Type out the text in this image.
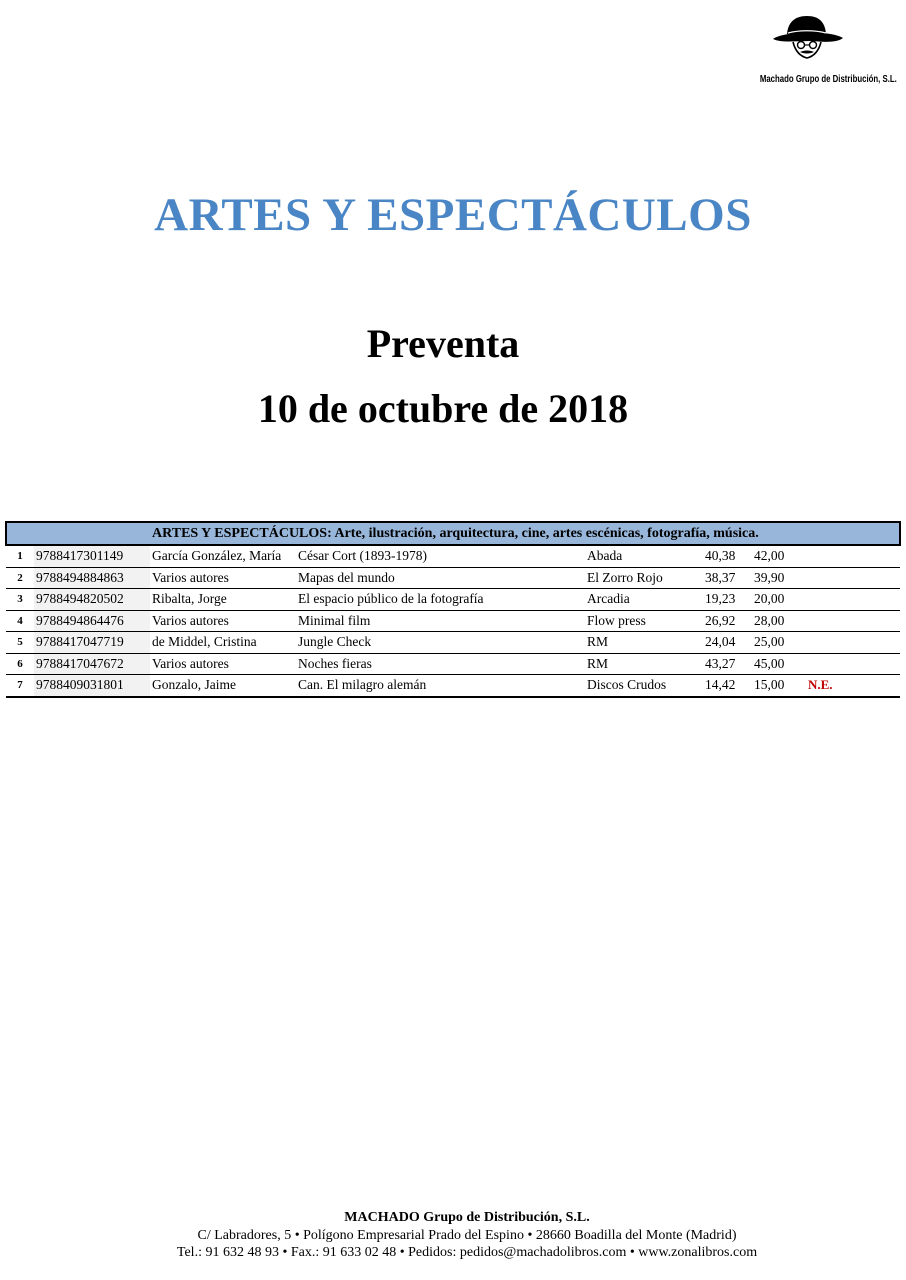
Machado Grupo de Distribución, S.L.
ARTES Y ESPECTÁCULOS
Preventa
10 de octubre de 2018
		ARTES Y ESPECTÁCULOS: Arte, ilustración, arquitectura, cine, artes escénicas, fotografía, música.					
1	9788417301149	García González, María	César Cort (1893-1978)	Abada	40,38	42,00	
2	9788494884863	Varios autores	Mapas del mundo	El Zorro Rojo	38,37	39,90	
3	9788494820502	Ribalta, Jorge	El espacio público de la fotografía	Arcadia	19,23	20,00	
4	9788494864476	Varios autores	Minimal film	Flow press	26,92	28,00	
5	9788417047719	de Middel, Cristina	Jungle Check	RM	24,04	25,00	
6	9788417047672	Varios autores	Noches fieras	RM	43,27	45,00	
7	9788409031801	Gonzalo, Jaime	Can. El milagro alemán	Discos Crudos	14,42	15,00	N.E.
MACHADO Grupo de Distribución, S.L.
C/ Labradores, 5 • Polígono Empresarial Prado del Espino • 28660 Boadilla del Monte (Madrid)
Tel.: 91 632 48 93 • Fax.: 91 633 02 48 • Pedidos: pedidos@machadolibros.com • www.zonalibros.com
